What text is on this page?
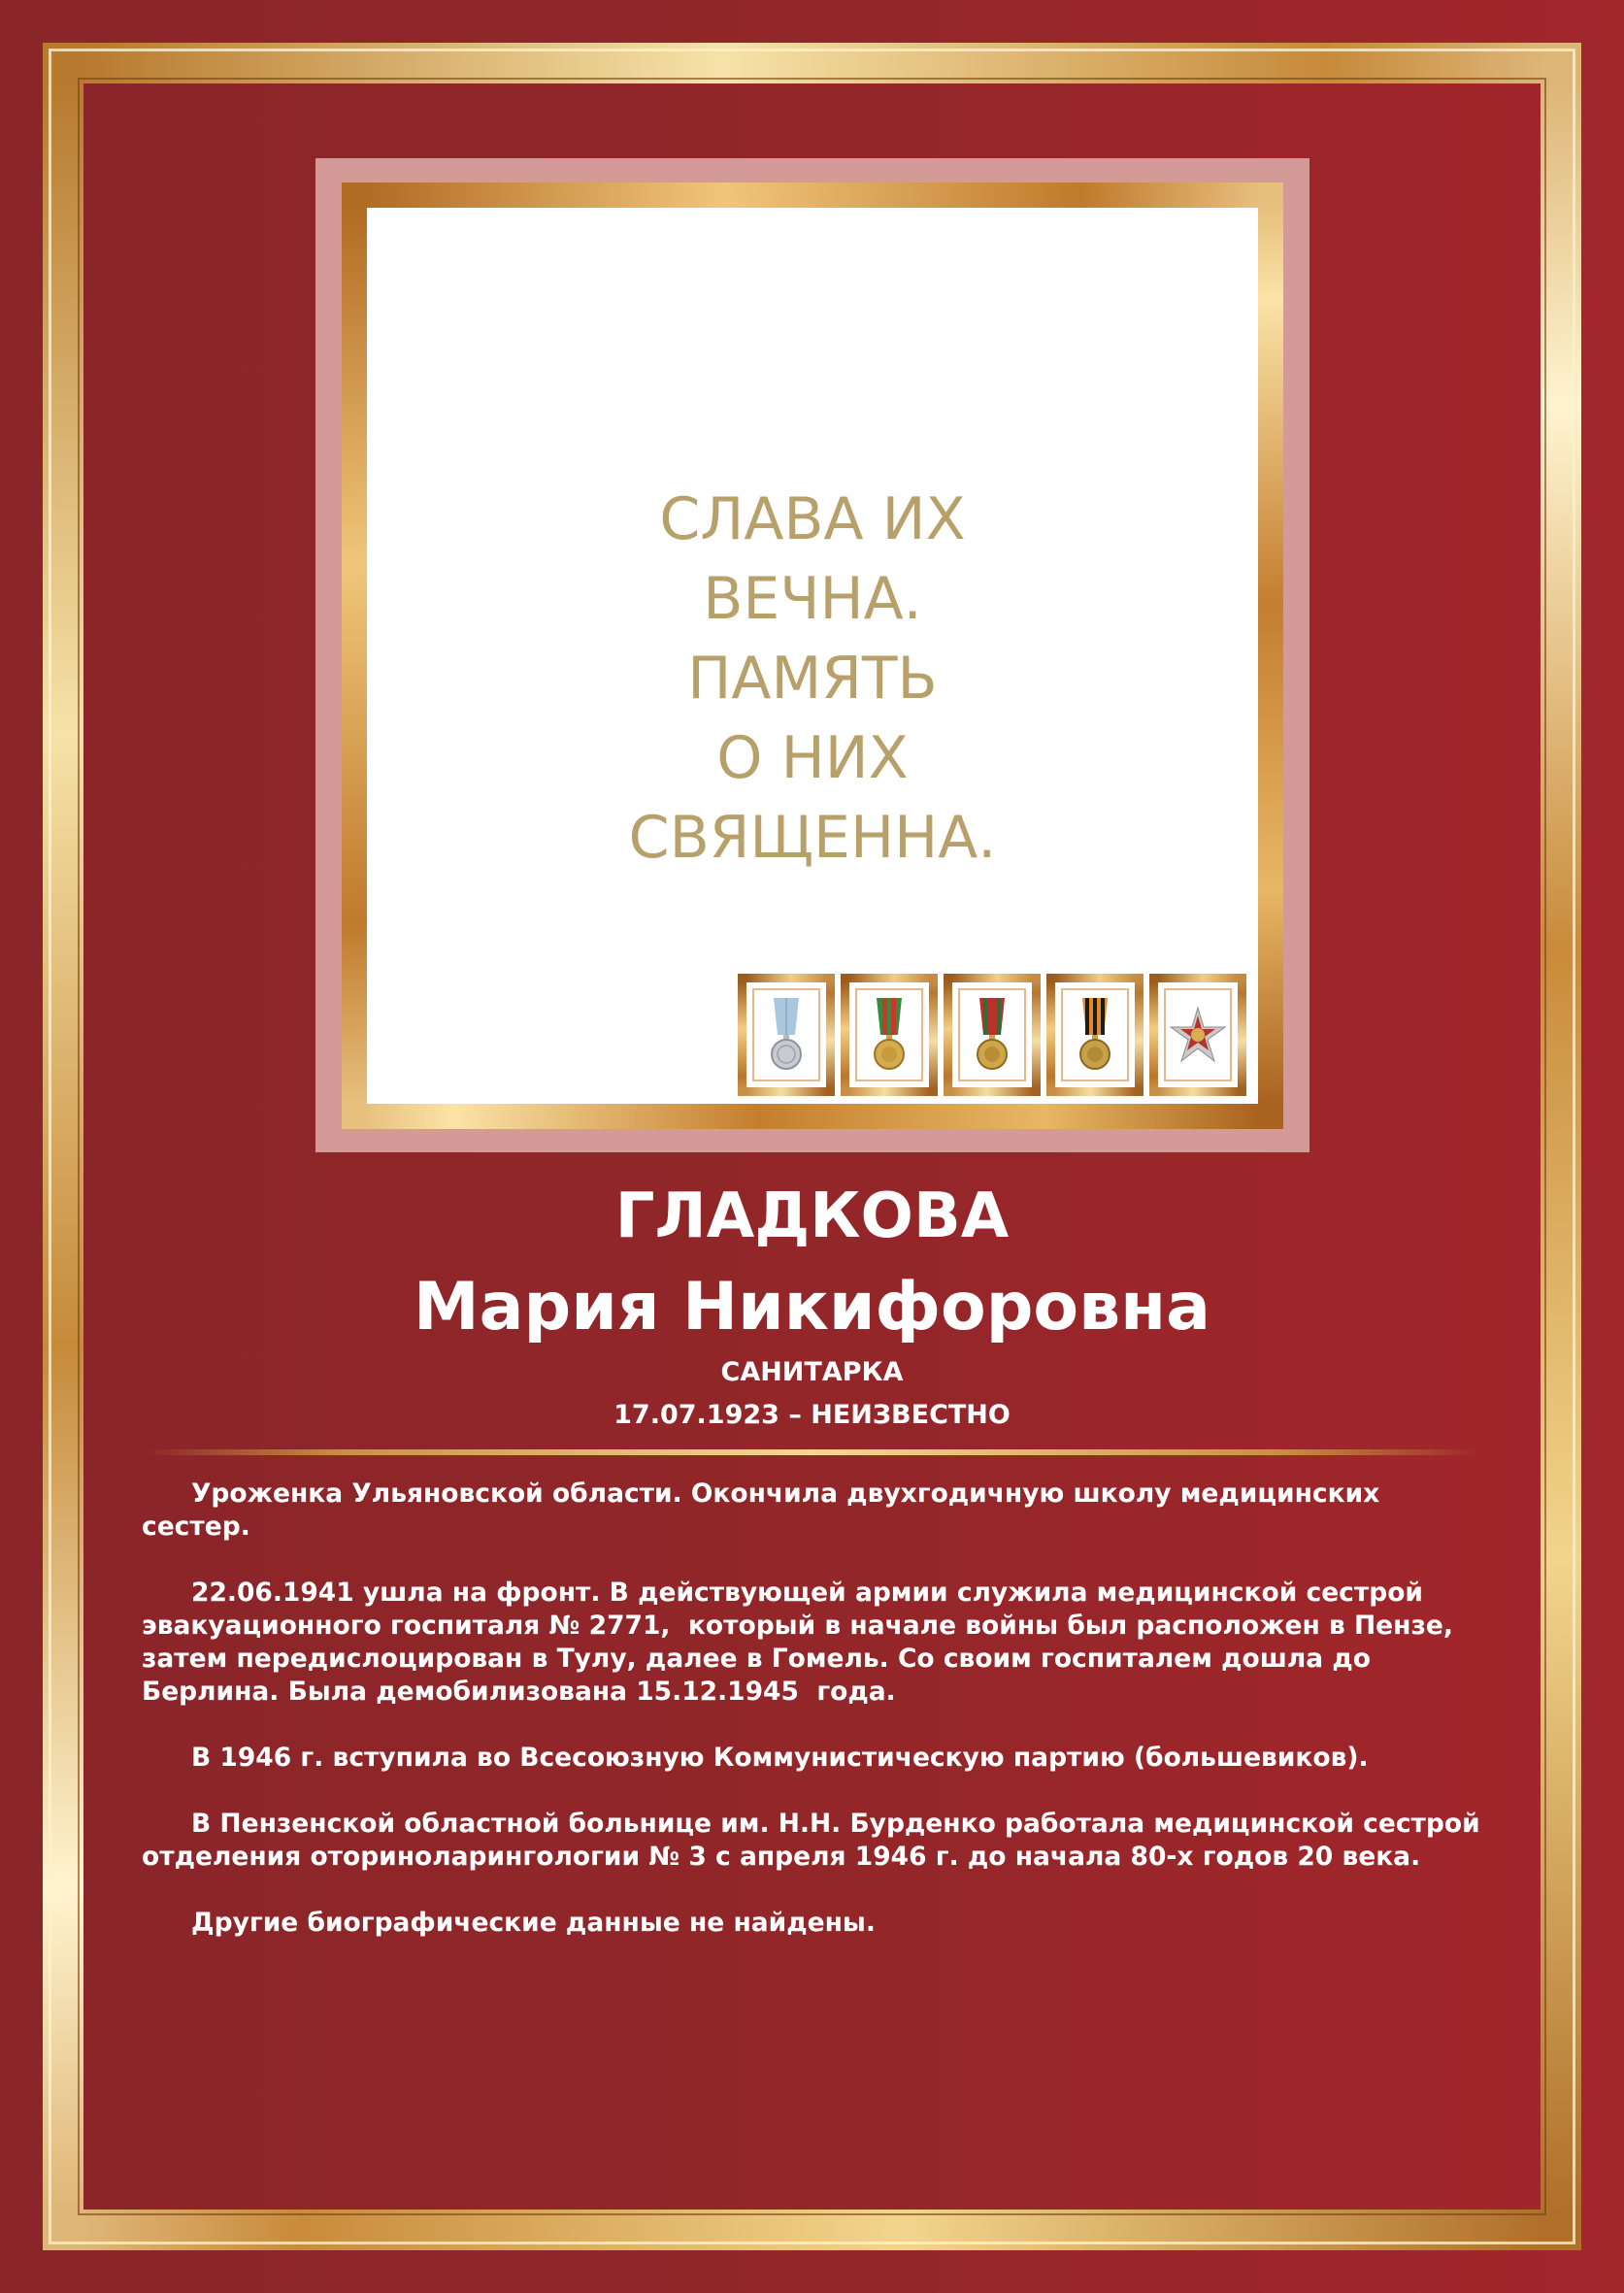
СЛАВА ИХ
ВЕЧНА.
ПАМЯТЬ
О НИХ
СВЯЩЕННА.
ГЛАДКОВА
Мария Никифоровна
САНИТАРКА
17.07.1923 – НЕИЗВЕСТНО

Уроженка Ульяновской области. Окончила двухгодичную школу медицинских сестер.

22.06.1941 ушла на фронт. В действующей армии служила медицинской сестрой эвакуационного госпиталя № 2771,  который в начале войны был расположен в Пензе, затем передислоцирован в Тулу, далее в Гомель. Со своим госпиталем дошла до Берлина. Была демобилизована 15.12.1945  года.

В 1946 г. вступила во Всесоюзную Коммунистическую партию (большевиков).

В Пензенской областной больнице им. Н.Н. Бурденко работала медицинской сестрой отделения оториноларингологии № 3 с апреля 1946 г. до начала 80-х годов 20 века.

Другие биографические данные не найдены.
